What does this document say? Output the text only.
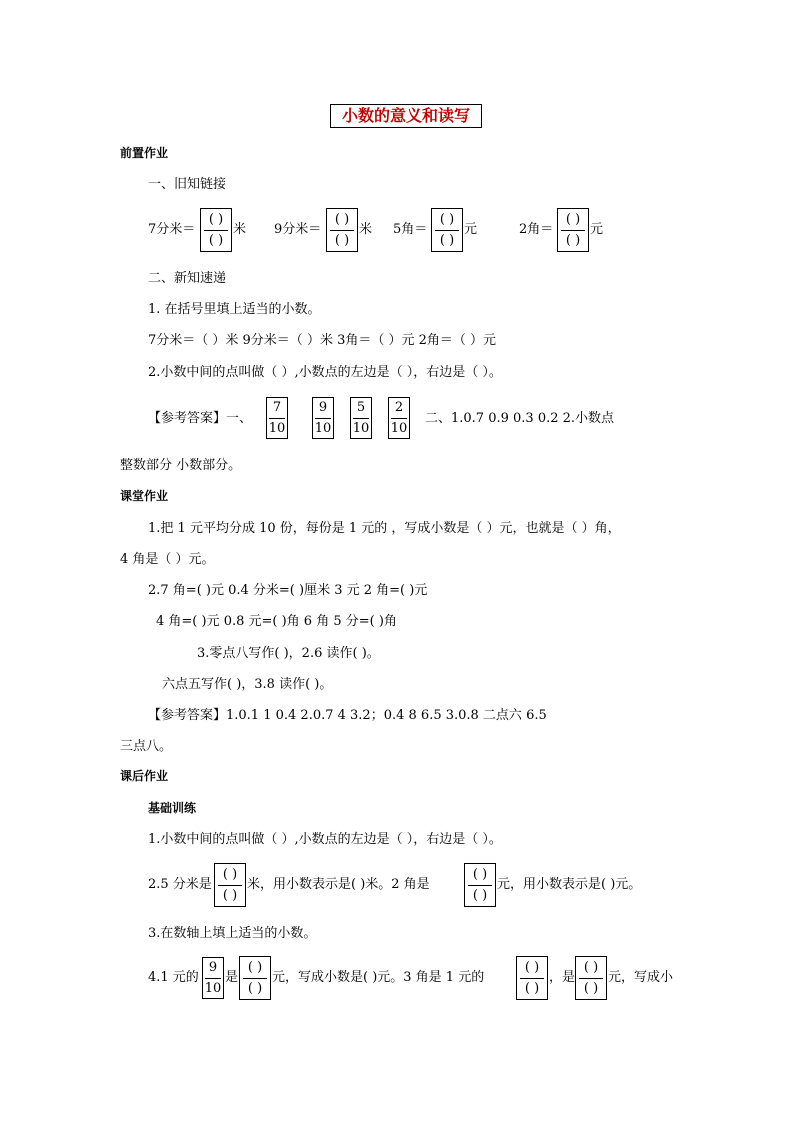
小数的意义和读写
前置作业
一、旧知链接
7分米＝
( )
( )
米 9分米＝
( )
( )
米 5角＝
( )
( )
元	2角＝
( )
( )
元
二、新知速递
1. 在括号里填上适当的小数。
7分米＝（ ）米 9分米＝（ ）米 3角＝（ ）元 2角＝（ ）元
2.小数中间的点叫做（ ）,小数点的左边是（ ），右边是（ ）。
【参考答案】一、
7
10
9
10
5
10
2
10
二、1.0.7 0.9 0.3 0.2 2.小数点
整数部分 小数部分。
课堂作业
1.把 1 元平均分成 10 份，每份是 1 元的 ，写成小数是（ ）元，也就是（ ）角，
4 角是（ ）元。
2.7 角=( )元 0.4 分米=( )厘米 3 元 2 角=( )元
4 角=( )元 0.8 元=( )角 6 角 5 分=( )角
3.零点八写作( )，2.6 读作( )。
六点五写作( )，3.8 读作( )。
【参考答案】1.0.1 1 0.4 2.0.7 4 3.2；0.4 8 6.5 3.0.8 二点六 6.5
三点八。
课后作业
基础训练
1.小数中间的点叫做（ ）,小数点的左边是（ ），右边是（ ）。
2.5 分米是
( )
( )
米，用小数表示是( )米。2 角是
( )
( )
元，用小数表示是( )元。
3.在数轴上填上适当的小数。
4.1 元的
9
10
是
( )
( )
元，写成小数是( )元。3 角是 1 元的
( )
( )
，是
( )
( )
元，写成小
